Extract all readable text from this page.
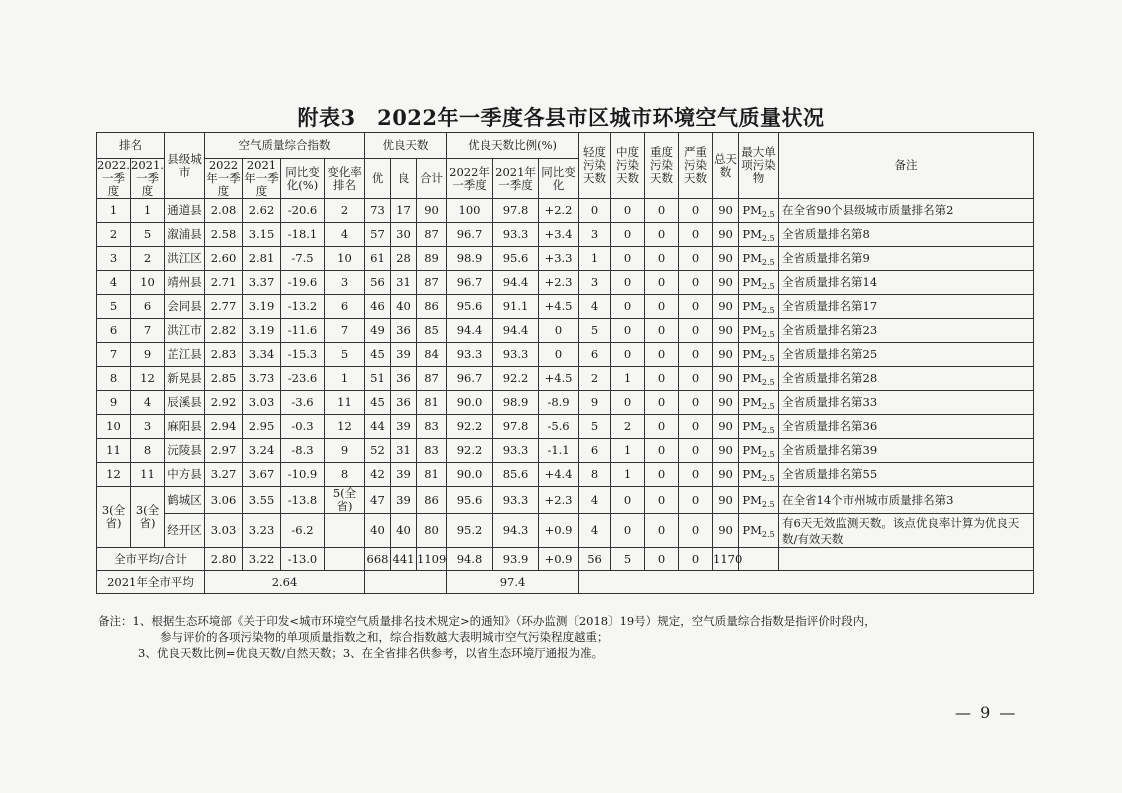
附表3　2022年一季度各县市区城市环境空气质量状况
排名		县级城市	空气质量综合指数				优良天数			优良天数比例(%)			轻度污染天数	中度污染天数	重度污染天数	严重污染天数	总天数	最大单项污染物	备注
2022.一季度	2021.一季度		2022年一季度	2021年一季度	同比变化(%)	变化率排名	优	良	合计	2022年一季度	2021年一季度	同比变化							
1	1	通道县	2.08	2.62	-20.6	2	73	17	90	100	97.8	+2.2	0	0	0	0	90	$PM_{2.5}$	在全省90个县级城市质量排名第2
2	5	溆浦县	2.58	3.15	-18.1	4	57	30	87	96.7	93.3	+3.4	3	0	0	0	90	$PM_{2.5}$	全省质量排名第8
3	2	洪江区	2.60	2.81	-7.5	10	61	28	89	98.9	95.6	+3.3	1	0	0	0	90	$PM_{2.5}$	全省质量排名第9
4	10	靖州县	2.71	3.37	-19.6	3	56	31	87	96.7	94.4	+2.3	3	0	0	0	90	$PM_{2.5}$	全省质量排名第14
5	6	会同县	2.77	3.19	-13.2	6	46	40	86	95.6	91.1	+4.5	4	0	0	0	90	$PM_{2.5}$	全省质量排名第17
6	7	洪江市	2.82	3.19	-11.6	7	49	36	85	94.4	94.4	0	5	0	0	0	90	$PM_{2.5}$	全省质量排名第23
7	9	芷江县	2.83	3.34	-15.3	5	45	39	84	93.3	93.3	0	6	0	0	0	90	$PM_{2.5}$	全省质量排名第25
8	12	新晃县	2.85	3.73	-23.6	1	51	36	87	96.7	92.2	+4.5	2	1	0	0	90	$PM_{2.5}$	全省质量排名第28
9	4	辰溪县	2.92	3.03	-3.6	11	45	36	81	90.0	98.9	-8.9	9	0	0	0	90	$PM_{2.5}$	全省质量排名第33
10	3	麻阳县	2.94	2.95	-0.3	12	44	39	83	92.2	97.8	-5.6	5	2	0	0	90	$PM_{2.5}$	全省质量排名第36
11	8	沅陵县	2.97	3.24	-8.3	9	52	31	83	92.2	93.3	-1.1	6	1	0	0	90	$PM_{2.5}$	全省质量排名第39
12	11	中方县	3.27	3.67	-10.9	8	42	39	81	90.0	85.6	+4.4	8	1	0	0	90	$PM_{2.5}$	全省质量排名第55
3(全省)	3(全省)	鹤城区	3.06	3.55	-13.8	5(全省)	47	39	86	95.6	93.3	+2.3	4	0	0	0	90	$PM_{2.5}$	在全省14个市州城市质量排名第3
		经开区	3.03	3.23	-6.2		40	40	80	95.2	94.3	+0.9	4	0	0	0	90	$PM_{2.5}$	有6天无效监测天数。该点优良率计算为优良天数/有效天数
全市平均/合计			2.80	3.22	-13.0		668	441	1109	94.8	93.9	+0.9	56	5	0	0	1170		
2021年全市平均			2.64							97.4									
备注：1、根据生态环境部《关于印发<城市环境空气质量排名技术规定>的通知》（环办监测〔2018〕19号）规定，空气质量综合指数是指评价时段内，
参与评价的各项污染物的单项质量指数之和，综合指数越大表明城市空气污染程度越重；
3、优良天数比例=优良天数/自然天数；3、在全省排名供参考，以省生态环境厅通报为准。
— 9 —
